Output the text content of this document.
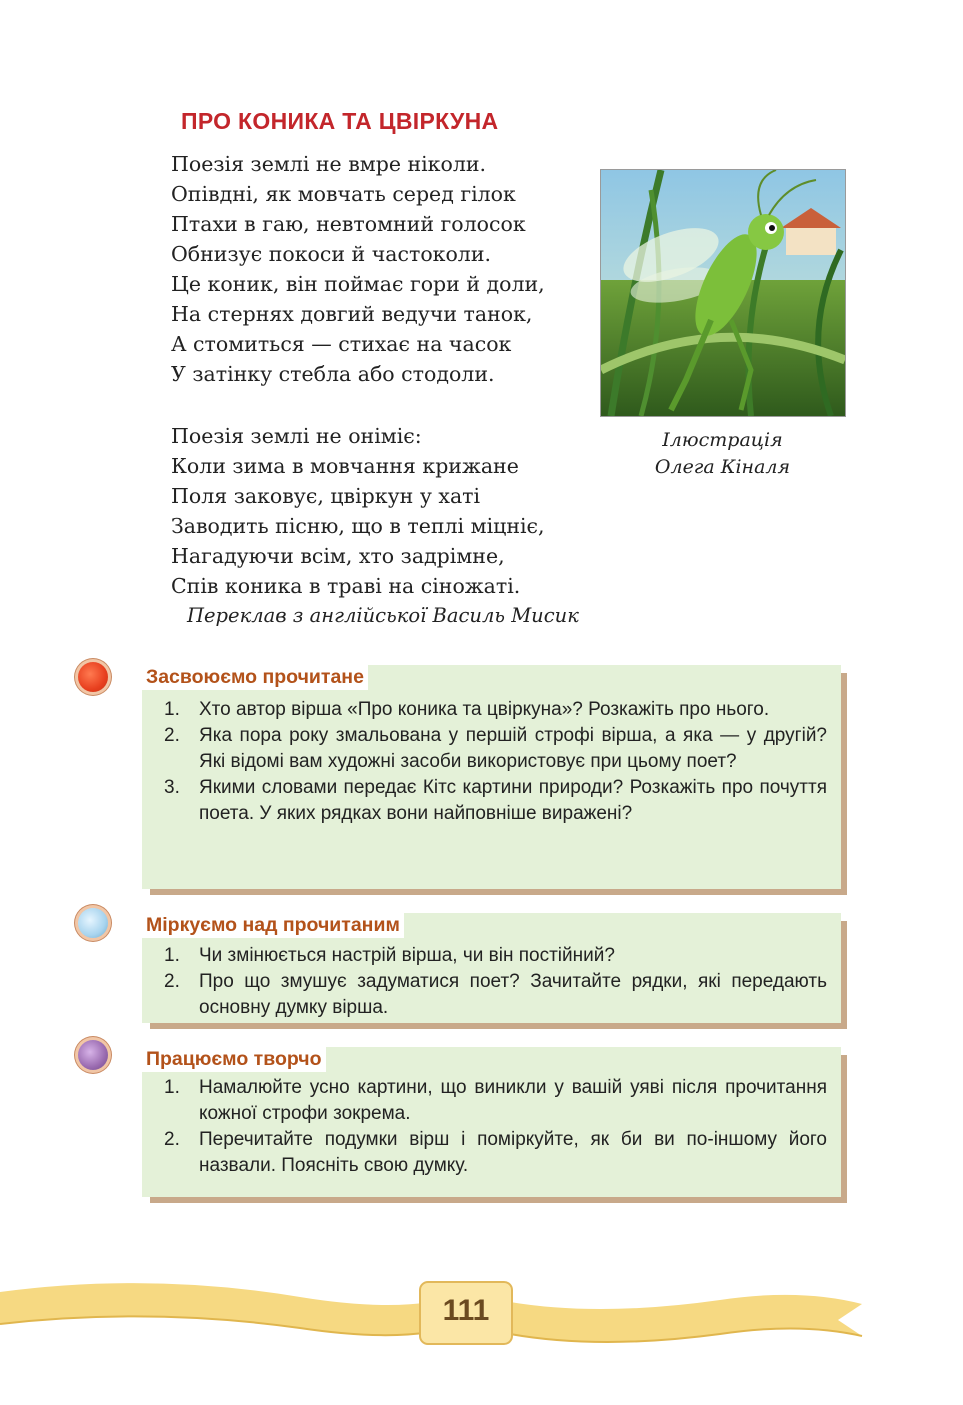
ПРО КОНИКА ТА ЦВІРКУНА
Поезія землі не вмре ніколи.
Опівдні, як мовчать серед гілок
Птахи в гаю, невтомний голосок
Обнизує покоси й частоколи.
Це коник, він поймає гори й доли,
На стернях довгий ведучи танок,
А стомиться — стихає на часок
У затінку стебла або стодоли.
Поезія землі не оніміє:
Коли зима в мовчання крижане
Поля заковує, цвіркун у хаті
Заводить пісню, що в теплі міцніє,
Нагадуючи всім, хто задрімне,
Спів коника в траві на сіножаті.
Переклав з англійської Василь Мисик
Ілюстрація
Олега Кіналя
Засвоюємо прочитане
1. Хто автор вірша «Про коника та цвіркуна»? Розкажіть про нього.
2. Яка пора року змальована у першій строфі вірша, а яка — у другій? Які відомі вам художні засоби використовує при цьому поет?
3. Якими словами передає Кітс картини природи? Розкажіть про почуття поета. У яких рядках вони найповніше виражені?
Міркуємо над прочитаним
1. Чи змінюється настрій вірша, чи він постійний?
2. Про що змушує задуматися поет? Зачитайте рядки, які передають основну думку вірша.
Працюємо творчо
1. Намалюйте усно картини, що виникли у вашій уяві після прочитання кожної строфи зокрема.
2. Перечитайте подумки вірш і поміркуйте, як би ви по-іншому його назвали. Поясніть свою думку.
111
